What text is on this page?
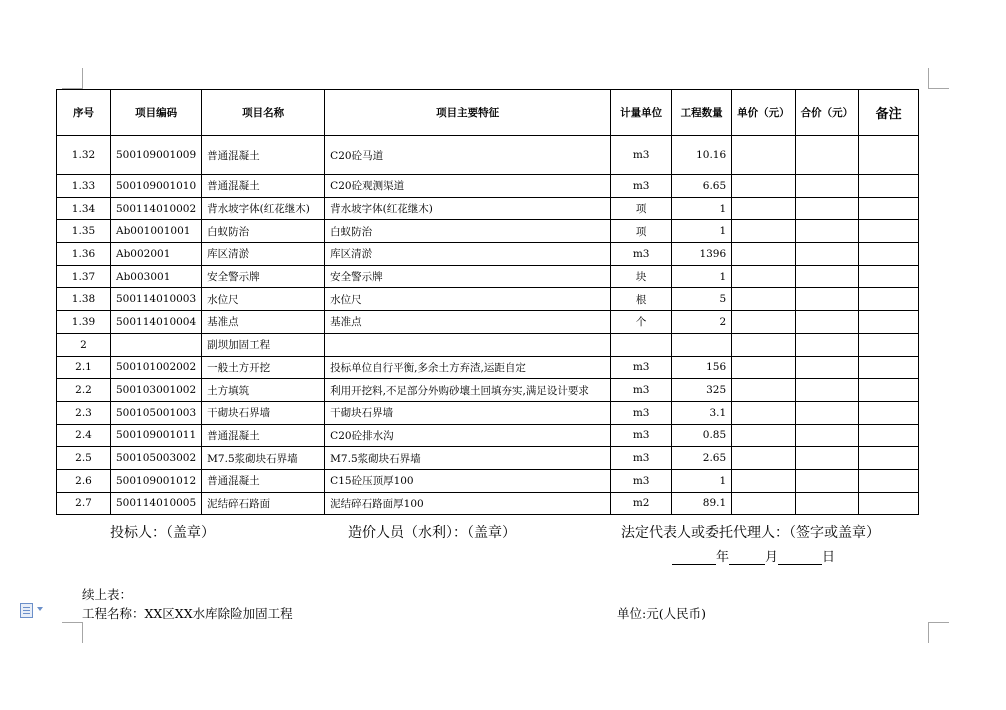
序号	项目编码	项目名称	项目主要特征	计量单位	工程数量	单价（元）	合价（元）	备注
1.32	500109001009	普通混凝土	C20砼马道	m3	10.16			
1.33	500109001010	普通混凝土	C20砼观测渠道	m3	6.65			
1.34	500114010002	背水坡字体(红花继木)	背水坡字体(红花继木)	项	1			
1.35	Ab001001001	白蚁防治	白蚁防治	项	1			
1.36	Ab002001	库区清淤	库区清淤	m3	1396			
1.37	Ab003001	安全警示牌	安全警示牌	块	1			
1.38	500114010003	水位尺	水位尺	根	5			
1.39	500114010004	基准点	基准点	个	2			
2		副坝加固工程						
2.1	500101002002	一般土方开挖	投标单位自行平衡,多余土方弃渣,运距自定	m3	156			
2.2	500103001002	土方填筑	利用开挖料,不足部分外购砂壤土回填夯实,满足设计要求	m3	325			
2.3	500105001003	干砌块石界墙	干砌块石界墙	m3	3.1			
2.4	500109001011	普通混凝土	C20砼排水沟	m3	0.85			
2.5	500105003002	M7.5浆砌块石界墙	M7.5浆砌块石界墙	m3	2.65			
2.6	500109001012	普通混凝土	C15砼压顶厚100	m3	1			
2.7	500114010005	泥结碎石路面	泥结碎石路面厚100	m2	89.1			
投标人：（盖章）	造价人员（水利）：（盖章）	法定代表人或委托代理人：（签字或盖章）
年	月	日
续上表：
工程名称：XX区XX水库除险加固工程	单位:元(人民币)
